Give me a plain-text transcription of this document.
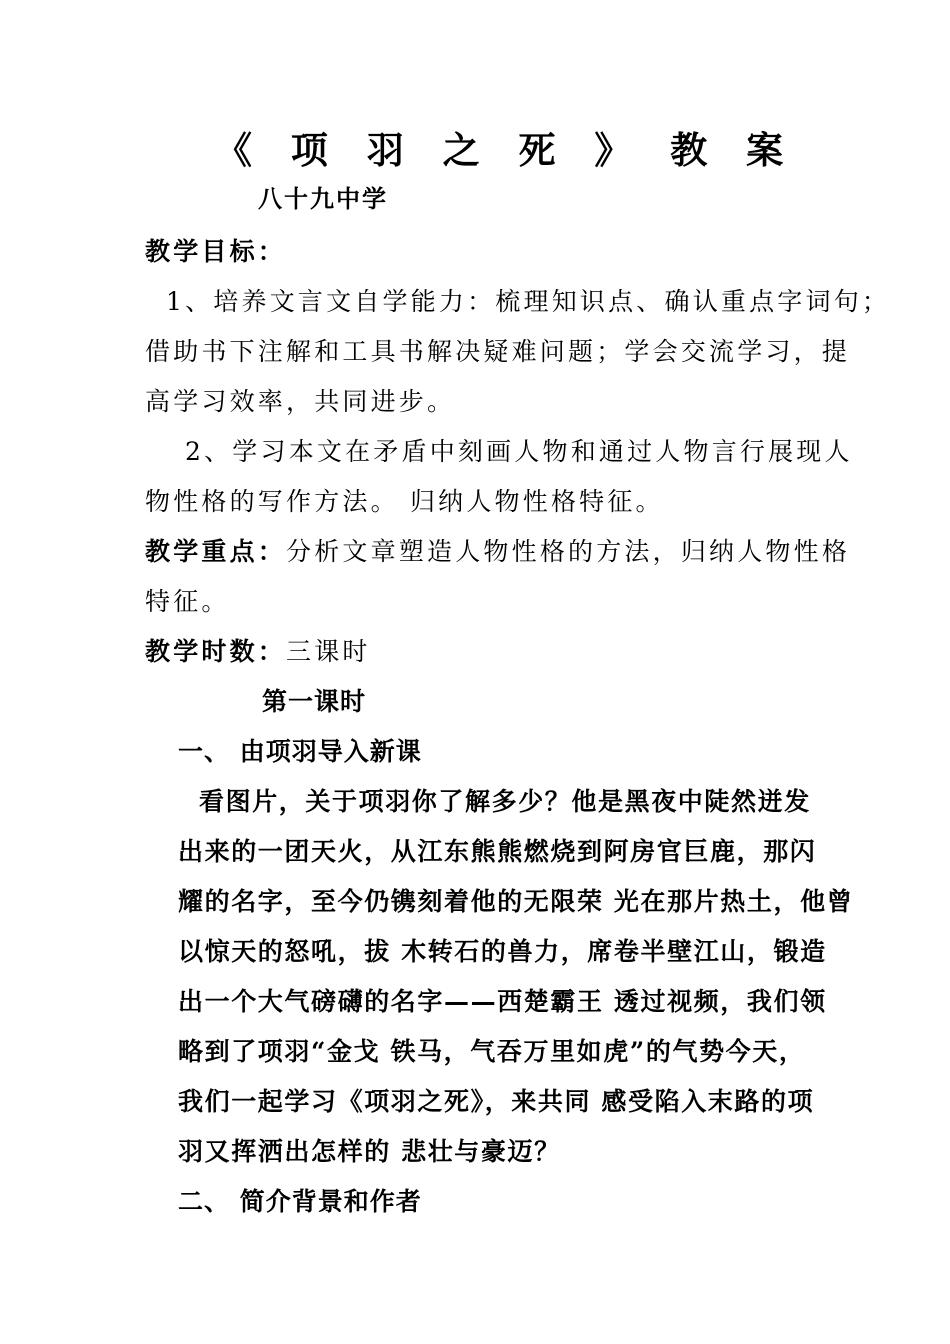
《 项 羽 之 死 》 教 案
八十九中学
教学目标：
1、培养文言文自学能力：梳理知识点、确认重点字词句；
借助书下注解和工具书解决疑难问题；学会交流学习，提
高学习效率，共同进步。
2、学习本文在矛盾中刻画人物和通过人物言行展现人
物性格的写作方法。 归纳人物性格特征。
教学重点：分析文章塑造人物性格的方法，归纳人物性格
特征。
教学时数：三课时
第一课时
一、 由项羽导入新课
看图片，关于项羽你了解多少？他是黑夜中陡然迸发
出来的一团天火，从江东熊熊燃烧到阿房官巨鹿，那闪
耀的名字，至今仍镌刻着他的无限荣 光在那片热土，他曾
以惊天的怒吼，拔 木转石的兽力，席卷半壁江山，锻造
出一个大气磅礴的名字——西楚霸王 透过视频，我们领
略到了项羽“金戈 铁马，气吞万里如虎”的气势今天，
我们一起学习《项羽之死》，来共同 感受陷入末路的项
羽又挥洒出怎样的 悲壮与豪迈？
二、 简介背景和作者
